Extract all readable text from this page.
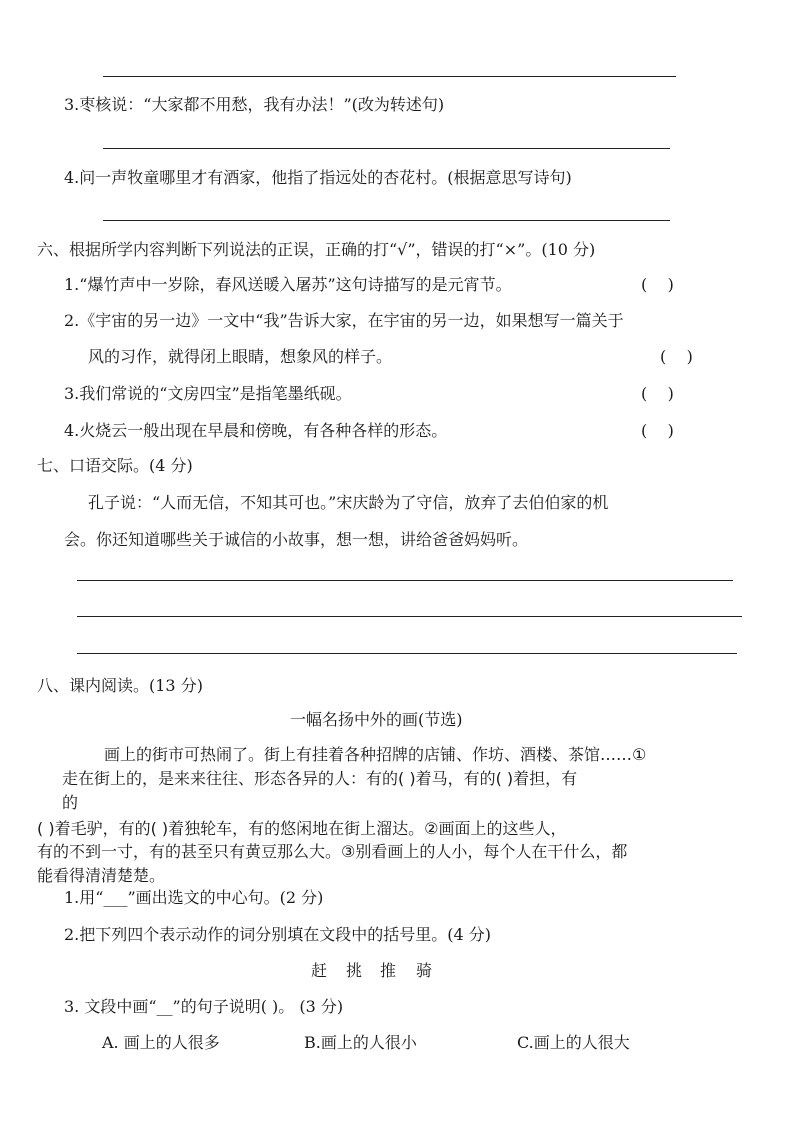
3.枣核说：“大家都不用愁，我有办法！”(改为转述句)
4.问一声牧童哪里才有酒家，他指了指远处的杏花村。(根据意思写诗句)
六、根据所学内容判断下列说法的正误，正确的打“√”，错误的打“×”。(10 分)
1.“爆竹声中一岁除，春风送暖入屠苏”这句诗描写的是元宵节。	(    )
2.《宇宙的另一边》一文中“我”告诉大家，在宇宙的另一边，如果想写一篇关于
风的习作，就得闭上眼睛，想象风的样子。	(    )
3.我们常说的“文房四宝”是指笔墨纸砚。	(    )
4.火烧云一般出现在早晨和傍晚，有各种各样的形态。	(    )
七、口语交际。(4 分)
孔子说：“人而无信，不知其可也。”宋庆龄为了守信，放弃了去伯伯家的机
会。你还知道哪些关于诚信的小故事，想一想，讲给爸爸妈妈听。
八、课内阅读。(13 分)
一幅名扬中外的画(节选)
画上的街市可热闹了。街上有挂着各种招牌的店铺、作坊、酒楼、茶馆……①
走在街上的，是来来往往、形态各异的人：有的( )着马，有的( )着担，有
的
( )着毛驴，有的( )着独轮车，有的悠闲地在街上溜达。②画面上的这些人，
有的不到一寸，有的甚至只有黄豆那么大。③别看画上的人小，每个人在干什么，都
能看得清清楚楚。
1.用“___”画出选文的中心句。(2 分)
2.把下列四个表示动作的词分别填在文段中的括号里。(4 分)
赶 挑 推 骑
3. 文段中画“__”的句子说明( )。 (3 分)
A. 画上的人很多	B.画上的人很小	C.画上的人很大
